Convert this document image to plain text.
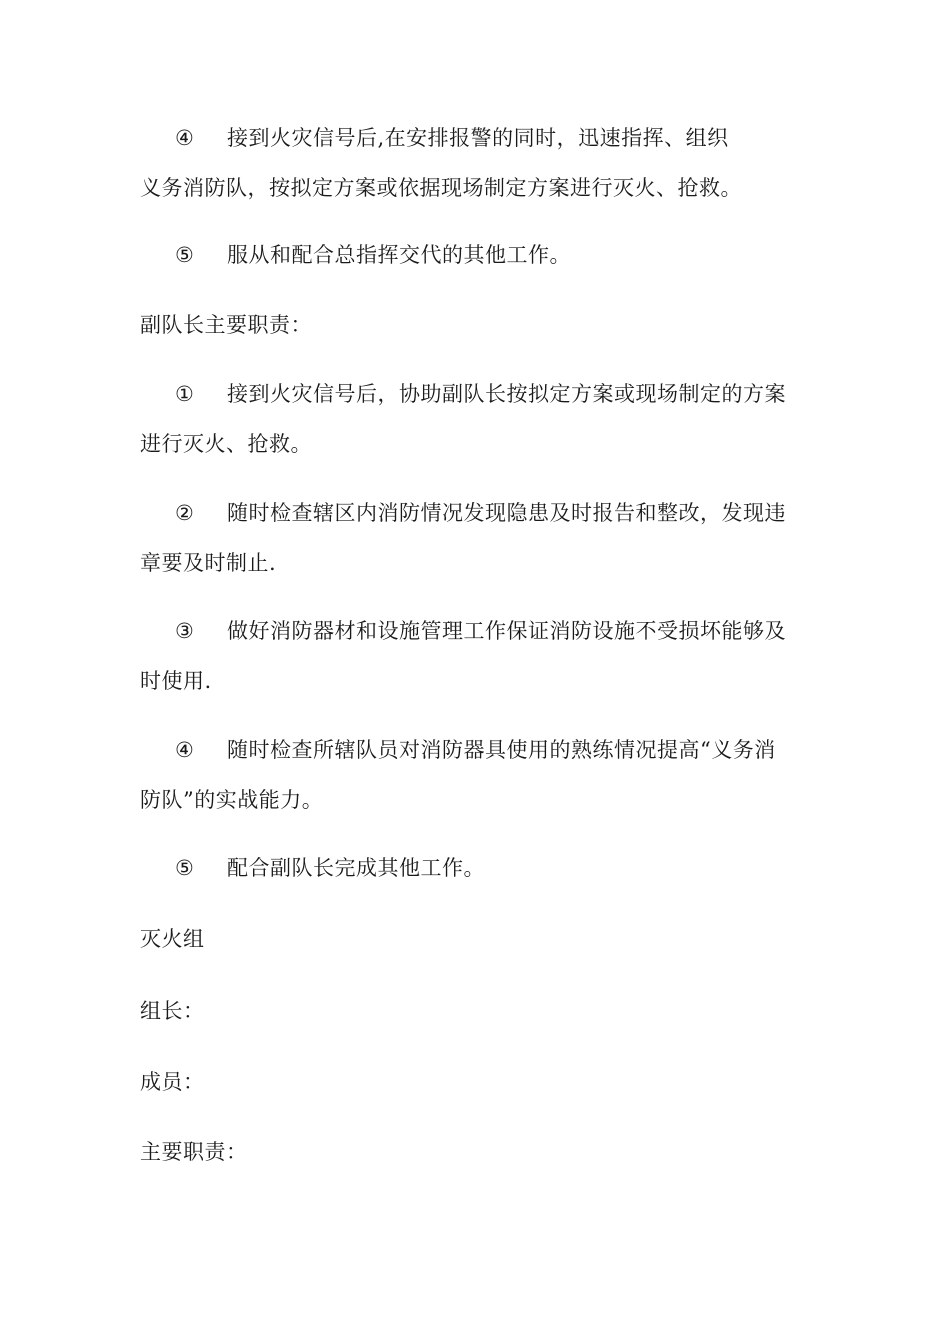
④ 接到火灾信号后,在安排报警的同时，迅速指挥、组织
义务消防队，按拟定方案或依据现场制定方案进行灭火、抢救。
⑤ 服从和配合总指挥交代的其他工作。
副队长主要职责：
① 接到火灾信号后，协助副队长按拟定方案或现场制定的方案
进行灭火、抢救。
② 随时检查辖区内消防情况发现隐患及时报告和整改，发现违
章要及时制止.
③ 做好消防器材和设施管理工作保证消防设施不受损坏能够及
时使用.
④ 随时检查所辖队员对消防器具使用的熟练情况提高“义务消
防队”的实战能力。
⑤ 配合副队长完成其他工作。
灭火组
组长：
成员：
主要职责：
